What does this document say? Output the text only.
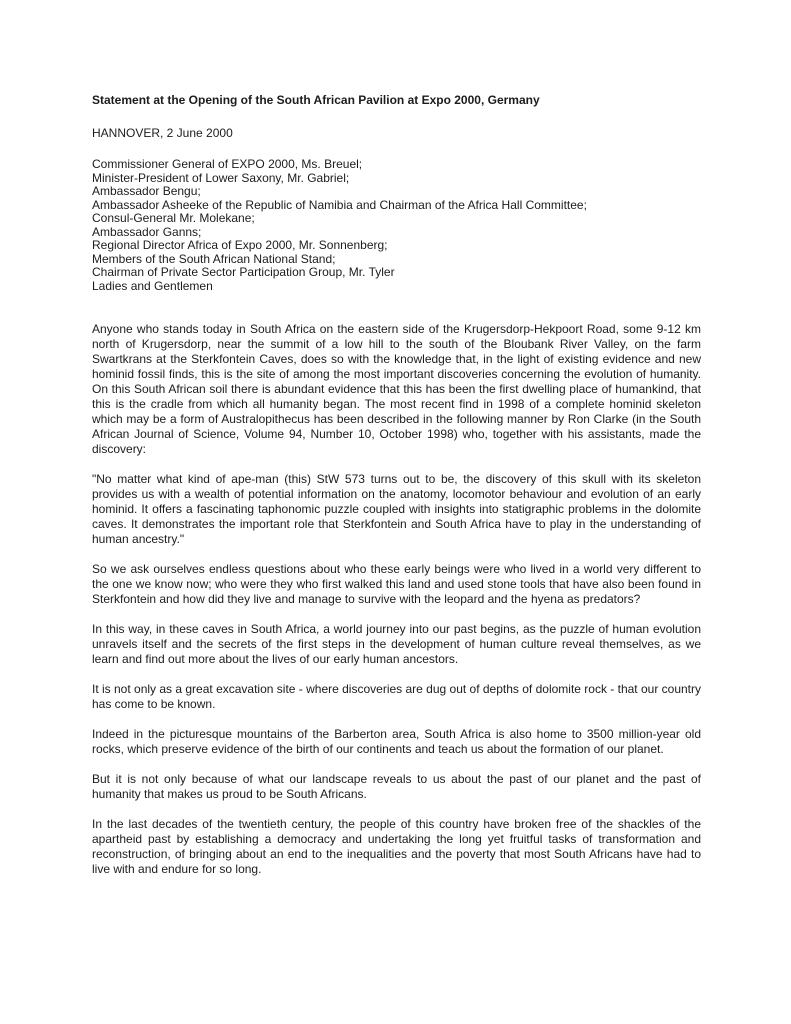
Statement at the Opening of the South African Pavilion at Expo 2000, Germany
HANNOVER, 2 June 2000
Commissioner General of EXPO 2000, Ms. Breuel;
Minister-President of Lower Saxony, Mr. Gabriel;
Ambassador Bengu;
Ambassador Asheeke of the Republic of Namibia and Chairman of the Africa Hall Committee;
Consul-General Mr. Molekane;
Ambassador Ganns;
Regional Director Africa of Expo 2000, Mr. Sonnenberg;
Members of the South African National Stand;
Chairman of Private Sector Participation Group, Mr. Tyler
Ladies and Gentlemen

Anyone who stands today in South Africa on the eastern side of the Krugersdorp-Hekpoort Road, some 9-12 km north of Krugersdorp, near the summit of a low hill to the south of the Bloubank River Valley, on the farm Swartkrans at the Sterkfontein Caves, does so with the knowledge that, in the light of existing evidence and new hominid fossil finds, this is the site of among the most important discoveries concerning the evolution of humanity. On this South African soil there is abundant evidence that this has been the first dwelling place of humankind, that this is the cradle from which all humanity began. The most recent find in 1998 of a complete hominid skeleton which may be a form of Australopithecus has been described in the following manner by Ron Clarke (in the South African Journal of Science, Volume 94, Number 10, October 1998) who, together with his assistants, made the discovery:

"No matter what kind of ape-man (this) StW 573 turns out to be, the discovery of this skull with its skeleton provides us with a wealth of potential information on the anatomy, locomotor behaviour and evolution of an early hominid. It offers a fascinating taphonomic puzzle coupled with insights into statigraphic problems in the dolomite caves. It demonstrates the important role that Sterkfontein and South Africa have to play in the understanding of human ancestry."

So we ask ourselves endless questions about who these early beings were who lived in a world very different to the one we know now; who were they who first walked this land and used stone tools that have also been found in Sterkfontein and how did they live and manage to survive with the leopard and the hyena as predators?

In this way, in these caves in South Africa, a world journey into our past begins, as the puzzle of human evolution unravels itself and the secrets of the first steps in the development of human culture reveal themselves, as we learn and find out more about the lives of our early human ancestors.

It is not only as a great excavation site - where discoveries are dug out of depths of dolomite rock - that our country has come to be known.

Indeed in the picturesque mountains of the Barberton area, South Africa is also home to 3500 million-year old rocks, which preserve evidence of the birth of our continents and teach us about the formation of our planet.

But it is not only because of what our landscape reveals to us about the past of our planet and the past of humanity that makes us proud to be South Africans.

In the last decades of the twentieth century, the people of this country have broken free of the shackles of the apartheid past by establishing a democracy and undertaking the long yet fruitful tasks of transformation and reconstruction, of bringing about an end to the inequalities and the poverty that most South Africans have had to live with and endure for so long.
